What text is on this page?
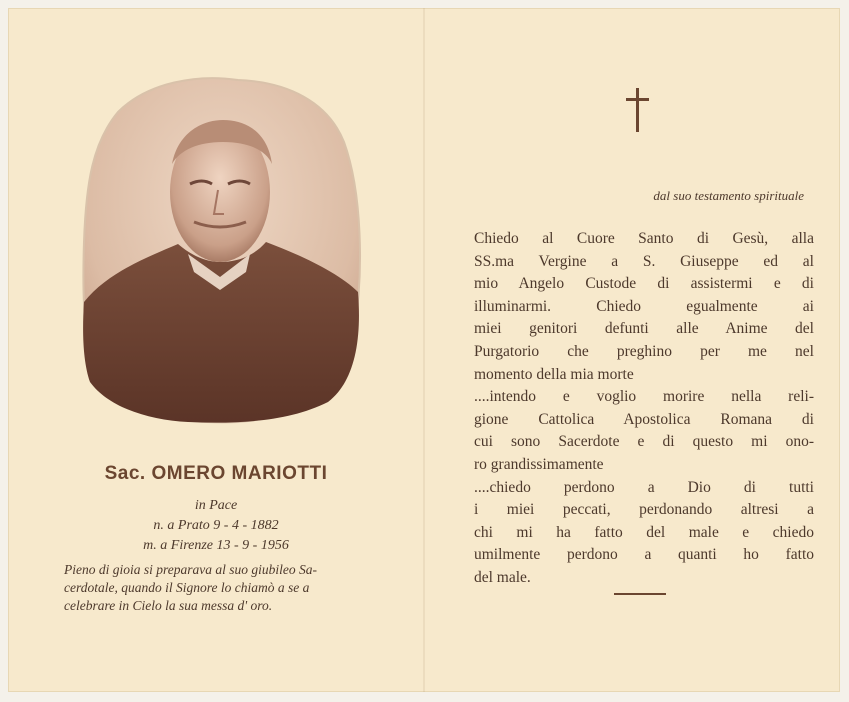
Sac. OMERO MARIOTTI
in Pace
n. a Prato 9 - 4 - 1882
m. a Firenze 13 - 9 - 1956
Pieno di gioia si preparava al suo giubileo Sa-
cerdotale, quando il Signore lo chiamò a se a
celebrare in Cielo la sua messa d' oro.
dal suo testamento spirituale
Chiedo al Cuore Santo di Gesù, alla
SS.ma Vergine a S. Giuseppe ed al
mio Angelo Custode di assistermi e di
illuminarmi. Chiedo egualmente ai
miei genitori defunti alle Anime del
Purgatorio che preghino per me nel
momento della mia morte
....intendo e voglio morire nella reli-
gione Cattolica Apostolica Romana di
cui sono Sacerdote e di questo mi ono-
ro grandissimamente
....chiedo perdono a Dio di tutti
i miei peccati, perdonando altresi a
chi mi ha fatto del male e chiedo
umilmente perdono a quanti ho fatto
del male.
